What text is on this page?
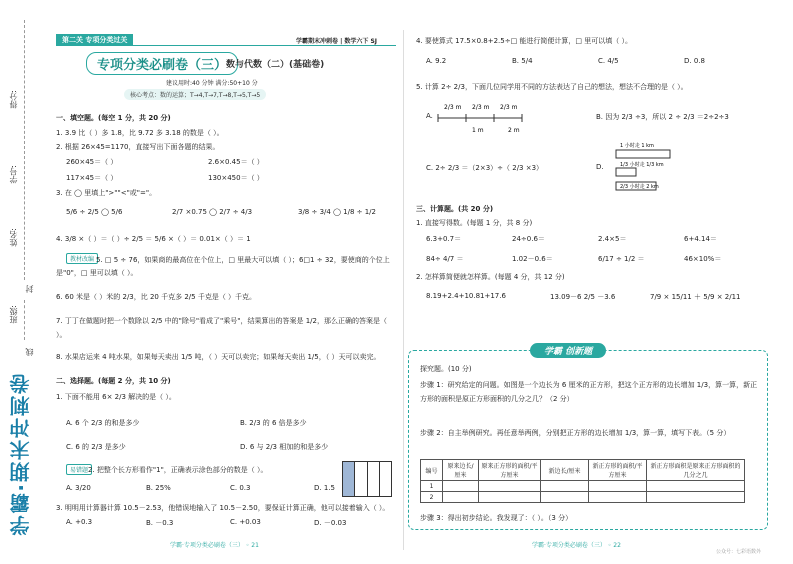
得分:
学号:
姓名:
封
班级:
线
学霸·期末冲刺卷
第二关 专项分类过关	学霸期末冲刺卷 | 数学六下 SJ
专项分类必刷卷（三）
数与代数（二）(基础卷)
建议用时:40 分钟 满分:50+10 分
核心考点：数的运算；T→4,T→7,T→8,T→5,T→5
一、填空题。(每空 1 分，共 20 分)
1. 3.9 比（ ）多 1.8，比 9.72 多 3.18 的数是（ ）。
2. 根据 26×45=1170，直接写出下面各题的结果。
260×45＝（ ）	2.6×0.45＝（ ）
117×45＝（ ）	130×450＝（ ）
3. 在 ◯ 里填上">""<"或"="。
5/6 ÷ 2/5 ◯ 5/6	2/7 ×0.75 ◯ 2/7 ÷ 4/3	3/8 ÷ 3/4 ◯ 1/8 ÷ 1/2
4. 3/8 ×（ ）＝（ ）÷ 2/5 ＝ 5/6 ×（ ）＝ 0.01×（ ）＝ 1
教材改编 5. □ 5 ÷ 76，如果商的最高位在个位上，□ 里最大可以填（ ）；6□1 ÷ 32，要使商的个位上是"0"，□ 里可以填（ ）。
6. 60 米是（ ）米的 2/3，比 20 千克多 2/5 千克是（ ）千克。
7. 丁丁在做题时把一个数除以 2/5 中的"除号"看成了"乘号"，结果算出的答案是 1/2，那么正确的答案是（ ）。
8. 水果店运来 4 吨水果，如果每天卖出 1/5 吨，（ ）天可以卖完；如果每天卖出 1/5，（ ）天可以卖完。
二、选择题。(每题 2 分，共 10 分)
1. 下面不能用 6× 2/3 解决的是（ ）。
A. 6 个 2/3 的和是多少	B. 2/3 的 6 倍是多少
C. 6 的 2/3 是多少	D. 6 与 2/3 相加的和是多少
易错题 2. 把整个长方形看作"1"，正确表示涂色部分的数是（ ）。
A. 3/20	B. 25%	C. 0.3	D. 1.5
3. 明明用计算器计算 10.5－2.53，他错误地输入了 10.5－2.50，要保证计算正确，他可以接着输入（ ）。
A. +0.3	B. －0.3	C. +0.03	D. －0.03
学霸·专项分类必刷卷（三） ◦ 21
4. 要使算式 17.5×0.8+2.5÷□ 能进行简便计算，□ 里可以填（ ）。
A. 9.2	B. 5/4	C. 4/5	D. 0.8
5. 计算 2÷ 2/3，下面几位同学用不同的方法表达了自己的想法，想法不合理的是（ ）。
A.
2/3 m 2/3 m 2/3 m
1 m	2 m
B. 因为 2/3 ÷3，所以 2 ÷ 2/3 ＝2÷2÷3
C. 2÷ 2/3 ＝（2×3）÷（ 2/3 ×3）	D.
1 小时走 1 km
1/3 小时走 1/3 km
2/3 小时走 2 km
三、计算题。(共 20 分)
1. 直接写得数。(每题 1 分，共 8 分)
6.3+0.7＝	24÷0.6＝	2.4×5＝	6+4.14＝
84÷ 4/7 ＝	1.02－0.6＝	6/17 ÷ 1/2 ＝	46×10%＝
2. 怎样算简便就怎样算。(每题 4 分，共 12 分)
8.19+2.4+10.81+17.6	13.09－6 2/5 －3.6	7/9 × 15/11 ＋ 5/9 × 2/11
学霸 创新题
探究题。(10 分)
步骤 1：研究给定的问题。如图是一个边长为 6 厘米的正方形，把这个正方形的边长增加 1/3，算一算，新正方形的面积是原正方形面积的几分之几？（2 分）
步骤 2：自主举例研究。再任意举两例，分别把正方形的边长增加 1/3，算一算，填写下表。（5 分）
编号	原来边长/厘米	原来正方形的面积/平方厘米	新边长/厘米	新正方形的面积/平方厘米	新正方形面积是原来正方形面积的几分之几
1					
2					
步骤 3：得出初步结论。我发现了：（ ）。（3 分）
学霸·专项分类必刷卷（三） ◦ 22
公众号：七彩语数外
